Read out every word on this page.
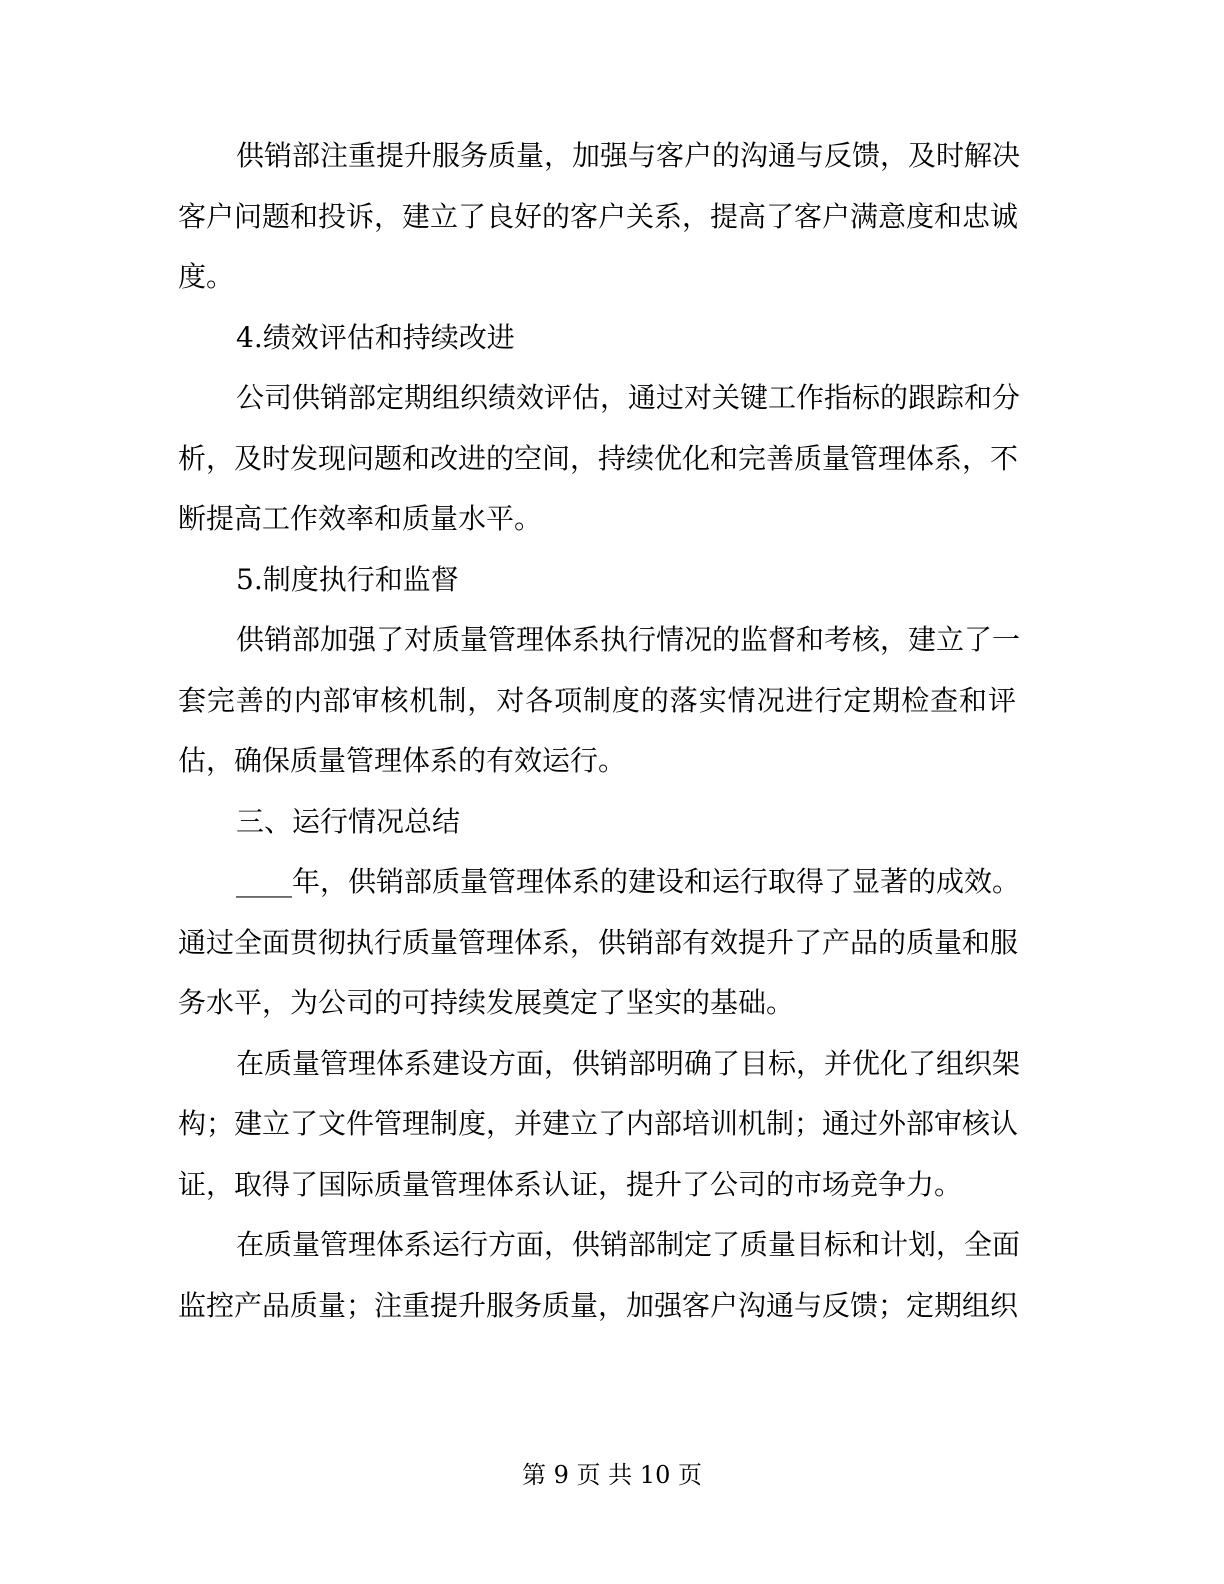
供销部注重提升服务质量，加强与客户的沟通与反馈，及时解决
客户问题和投诉，建立了良好的客户关系，提高了客户满意度和忠诚
度。
4.绩效评估和持续改进
公司供销部定期组织绩效评估，通过对关键工作指标的跟踪和分
析，及时发现问题和改进的空间，持续优化和完善质量管理体系，不
断提高工作效率和质量水平。
5.制度执行和监督
供销部加强了对质量管理体系执行情况的监督和考核，建立了一
套完善的内部审核机制，对各项制度的落实情况进行定期检查和评
估，确保质量管理体系的有效运行。
三、运行情况总结
____年，供销部质量管理体系的建设和运行取得了显著的成效。
通过全面贯彻执行质量管理体系，供销部有效提升了产品的质量和服
务水平，为公司的可持续发展奠定了坚实的基础。
在质量管理体系建设方面，供销部明确了目标，并优化了组织架
构；建立了文件管理制度，并建立了内部培训机制；通过外部审核认
证，取得了国际质量管理体系认证，提升了公司的市场竞争力。
在质量管理体系运行方面，供销部制定了质量目标和计划，全面
监控产品质量；注重提升服务质量，加强客户沟通与反馈；定期组织
第 9 页 共 10 页
